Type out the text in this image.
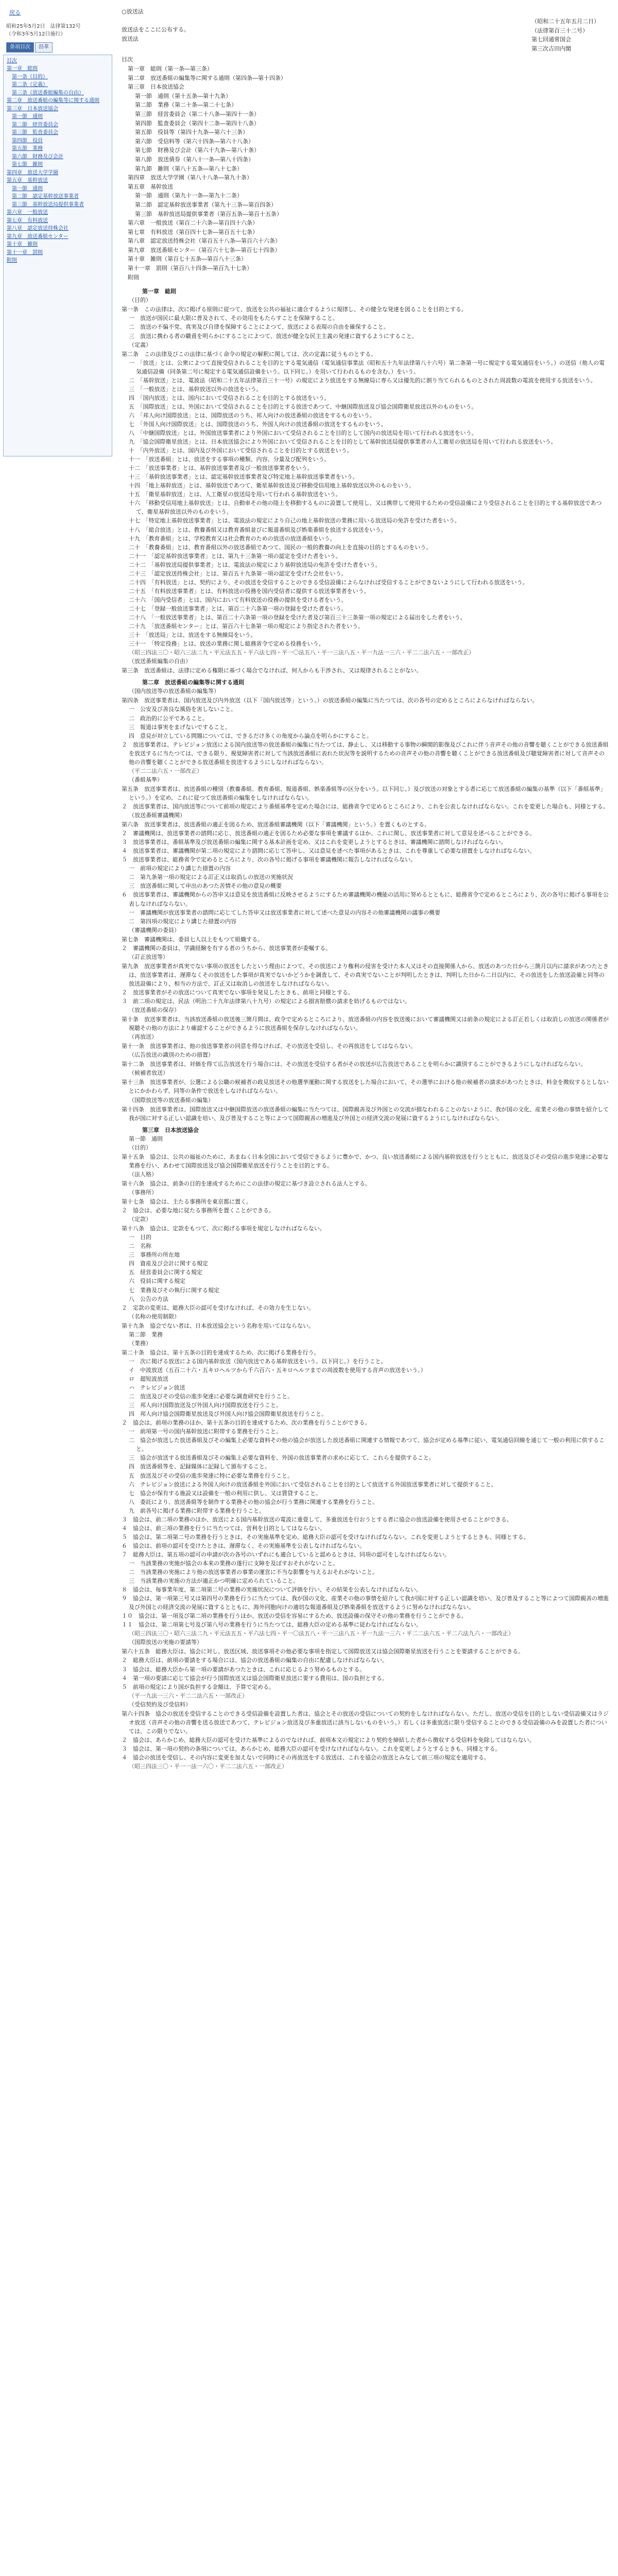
戻る
昭和25年5月2日　法律第132号
（令和3年5月12日施行）
条項目次	沿革
目次
第一章　総則
第一条（目的）
第二条（定義）
第三条（放送番組編集の自由）
第二章　放送番組の編集等に関する通則
第三章　日本放送協会
第一節　通則
第二節　経営委員会
第三節　監査委員会
第四節　役員
第五節　業務
第六節　財務及び会計
第七節　雑則
第四章　放送大学学園
第五章　基幹放送
第一節　通則
第二節　認定基幹放送事業者
第三節　基幹放送局提供事業者
第六章　一般放送
第七章　有料放送
第八章　認定放送持株会社
第九章　放送番組センター
第十章　雑則
第十一章　罰則
附則
○放送法
放送法をここに公布する。
放送法
（昭和二十五年五月二日）
（法律第百三十二号）
第七回通常国会
第三次吉田内閣
目次
第一章　総則（第一条―第三条）
第二章　放送番組の編集等に関する通則（第四条―第十四条）
第三章　日本放送協会
第一節　通則（第十五条―第十九条）
第二節　業務（第二十条―第二十七条）
第三節　経営委員会（第二十八条―第四十一条）
第四節　監査委員会（第四十二条―第四十八条）
第五節　役員等（第四十九条―第六十三条）
第六節　受信料等（第六十四条―第六十八条）
第七節　財務及び会計（第六十九条―第八十条）
第八節　放送債券（第八十一条―第八十四条）
第九節　雑則（第八十五条―第八十七条）
第四章　放送大学学園（第八十八条―第九十条）
第五章　基幹放送
第一節　通則（第九十一条―第九十二条）
第二節　認定基幹放送事業者（第九十三条―第百四条）
第三節　基幹放送局提供事業者（第百五条―第百十五条）
第六章　一般放送（第百二十六条―第百四十六条）
第七章　有料放送（第百四十七条―第百五十七条）
第八章　認定放送持株会社（第百五十八条―第百六十六条）
第九章　放送番組センター（第百六十七条―第百七十四条）
第十章　雑則（第百七十五条―第百八十三条）
第十一章　罰則（第百八十四条―第百九十七条）
附則
第一章　総則
（目的）
第一条　この法律は、次に掲げる原則に従つて、放送を公共の福祉に適合するように規律し、その健全な発達を図ることを目的とする。
一　放送が国民に最大限に普及されて、その効用をもたらすことを保障すること。
二　放送の不偏不党、真実及び自律を保障することによつて、放送による表現の自由を確保すること。
三　放送に携わる者の職責を明らかにすることによつて、放送が健全な民主主義の発達に資するようにすること。
（定義）
第二条　この法律及びこの法律に基づく命令の規定の解釈に関しては、次の定義に従うものとする。
一　「放送」とは、公衆によつて直接受信されることを目的とする電気通信（電気通信事業法（昭和五十九年法律第八十六号）第二条第一号に規定する電気通信をいう。）の送信（他人の電気通信設備（同条第二号に規定する電気通信設備をいう。以下同じ。）を用いて行われるものを含む。）をいう。
二　「基幹放送」とは、電波法（昭和二十五年法律第百三十一号）の規定により放送をする無線局に専ら又は優先的に割り当てられるものとされた周波数の電波を使用する放送をいう。
三　「一般放送」とは、基幹放送以外の放送をいう。
四　「国内放送」とは、国内において受信されることを目的とする放送をいう。
五　「国際放送」とは、外国において受信されることを目的とする放送であつて、中継国際放送及び協会国際衛星放送以外のものをいう。
六　「邦人向け国際放送」とは、国際放送のうち、邦人向けの放送番組の放送をするものをいう。
七　「外国人向け国際放送」とは、国際放送のうち、外国人向けの放送番組の放送をするものをいう。
八　「中継国際放送」とは、外国放送事業者により外国において受信されることを目的として国内の放送局を用いて行われる放送をいう。
九　「協会国際衛星放送」とは、日本放送協会により外国において受信されることを目的として基幹放送局提供事業者の人工衛星の放送局を用いて行われる放送をいう。
十　「内外放送」とは、国内及び外国において受信されることを目的とする放送をいう。
十一　「放送番組」とは、放送をする事項の種類、内容、分量及び配列をいう。
十二　「放送事業者」とは、基幹放送事業者及び一般放送事業者をいう。
十三　「基幹放送事業者」とは、認定基幹放送事業者及び特定地上基幹放送事業者をいう。
十四　「地上基幹放送」とは、基幹放送であつて、衛星基幹放送及び移動受信用地上基幹放送以外のものをいう。
十五　「衛星基幹放送」とは、人工衛星の放送局を用いて行われる基幹放送をいう。
十六　「移動受信用地上基幹放送」とは、自動車その他の陸上を移動するものに設置して使用し、又は携帯して使用するための受信設備により受信されることを目的とする基幹放送であつて、衛星基幹放送以外のものをいう。
十七　「特定地上基幹放送事業者」とは、電波法の規定により自己の地上基幹放送の業務に用いる放送局の免許を受けた者をいう。
十八　「総合放送」とは、教養番組又は教育番組並びに報道番組及び娯楽番組を放送する放送をいう。
十九　「教育番組」とは、学校教育又は社会教育のための放送の放送番組をいう。
二十　「教養番組」とは、教育番組以外の放送番組であつて、国民の一般的教養の向上を直接の目的とするものをいう。
二十一　「認定基幹放送事業者」とは、第九十三条第一項の認定を受けた者をいう。
二十二　「基幹放送局提供事業者」とは、電波法の規定により基幹放送局の免許を受けた者をいう。
二十三　「認定放送持株会社」とは、第百五十九条第一項の認定を受けた会社をいう。
二十四　「有料放送」とは、契約により、その放送を受信することのできる受信設備によらなければ受信することができないようにして行われる放送をいう。
二十五　「有料放送事業者」とは、有料放送の役務を国内受信者に提供する放送事業者をいう。
二十六　「国内受信者」とは、国内において有料放送の役務の提供を受ける者をいう。
二十七　「登録一般放送事業者」とは、第百二十六条第一項の登録を受けた者をいう。
二十八　「一般放送事業者」とは、第百二十六条第一項の登録を受けた者及び第百三十三条第一項の規定による届出をした者をいう。
二十九　「放送番組センター」とは、第百六十七条第一項の規定により指定された者をいう。
三十　「放送局」とは、放送をする無線局をいう。
三十一　「特定役務」とは、放送の業務に関し総務省令で定める役務をいう。
（昭三四法三〇・昭六三法二九・平元法五五・平六法七四・平一〇法五八・平一三法八五・平一九法一三六・平二二法六五・一部改正）
（放送番組編集の自由）
第三条　放送番組は、法律に定める権限に基づく場合でなければ、何人からも干渉され、又は規律されることがない。
第二章　放送番組の編集等に関する通則
（国内放送等の放送番組の編集等）
第四条　放送事業者は、国内放送及び内外放送（以下「国内放送等」という。）の放送番組の編集に当たつては、次の各号の定めるところによらなければならない。
一　公安及び善良な風俗を害しないこと。
二　政治的に公平であること。
三　報道は事実をまげないですること。
四　意見が対立している問題については、できるだけ多くの角度から論点を明らかにすること。
２　放送事業者は、テレビジョン放送による国内放送等の放送番組の編集に当たつては、静止し、又は移動する事物の瞬間的影像及びこれに伴う音声その他の音響を聴くことができる放送番組を放送するに当たつては、できる限り、視覚障害者に対して当該放送番組に表れた状況等を説明するための音声その他の音響を聴くことができる放送番組及び聴覚障害者に対して音声その他の音響を聴くことができる放送番組を放送するようにしなければならない。
（平二二法六五・一部改正）
（番組基準）
第五条　放送事業者は、放送番組の種別（教養番組、教育番組、報道番組、娯楽番組等の区分をいう。以下同じ。）及び放送の対象とする者に応じて放送番組の編集の基準（以下「番組基準」という。）を定め、これに従つて放送番組の編集をしなければならない。
２　放送事業者は、国内放送等について前項の規定により番組基準を定めた場合には、総務省令で定めるところにより、これを公表しなければならない。これを変更した場合も、同様とする。
（放送番組審議機関）
第六条　放送事業者は、放送番組の適正を図るため、放送番組審議機関（以下「審議機関」という。）を置くものとする。
２　審議機関は、放送事業者の諮問に応じ、放送番組の適正を図るため必要な事項を審議するほか、これに関し、放送事業者に対して意見を述べることができる。
３　放送事業者は、番組基準及び放送番組の編集に関する基本計画を定め、又はこれを変更しようとするときは、審議機関に諮問しなければならない。
４　放送事業者は、審議機関が第二項の規定により諮問に応じて答申し、又は意見を述べた事項があるときは、これを尊重して必要な措置をしなければならない。
５　放送事業者は、総務省令で定めるところにより、次の各号に掲げる事項を審議機関に報告しなければならない。
一　前項の規定により講じた措置の内容
二　第九条第一項の規定による訂正又は取消しの放送の実施状況
三　放送番組に関して申出のあつた苦情その他の意見の概要
６　放送事業者は、審議機関からの答申又は意見を放送番組に反映させるようにするため審議機関の機能の活用に努めるとともに、総務省令で定めるところにより、次の各号に掲げる事項を公表しなければならない。
一　審議機関が放送事業者の諮問に応じてした答申又は放送事業者に対して述べた意見の内容その他審議機関の議事の概要
二　第四項の規定により講じた措置の内容
（審議機関の委員）
第七条　審議機関は、委員七人以上をもつて組織する。
２　審議機関の委員は、学識経験を有する者のうちから、放送事業者が委嘱する。
（訂正放送等）
第九条　放送事業者が真実でない事項の放送をしたという理由によつて、その放送により権利の侵害を受けた本人又はその直接関係人から、放送のあつた日から三箇月以内に請求があつたときは、放送事業者は、遅滞なくその放送をした事項が真実でないかどうかを調査して、その真実でないことが判明したときは、判明した日から二日以内に、その放送をした放送設備と同等の放送設備により、相当の方法で、訂正又は取消しの放送をしなければならない。
２　放送事業者がその放送について真実でない事項を発見したときも、前項と同様とする。
３　前二項の規定は、民法（明治二十九年法律第八十九号）の規定による損害賠償の請求を妨げるものではない。
（放送番組の保存）
第十条　放送事業者は、当該放送番組の放送後三箇月間は、政令で定めるところにより、放送番組の内容を放送後において審議機関又は前条の規定による訂正若しくは取消しの放送の関係者が視聴その他の方法により確認することができるように放送番組を保存しなければならない。
（再放送）
第十一条　放送事業者は、他の放送事業者の同意を得なければ、その放送を受信し、その再放送をしてはならない。
（広告放送の識別のための措置）
第十二条　放送事業者は、対価を得て広告放送を行う場合には、その放送を受信する者がその放送が広告放送であることを明らかに識別することができるようにしなければならない。
（候補者放送）
第十三条　放送事業者が、公選による公職の候補者の政見放送その他選挙運動に関する放送をした場合において、その選挙における他の候補者の請求があつたときは、料金を徴収するとしないとにかかわらず、同等の条件で放送をしなければならない。
（国際放送等の放送番組の編集）
第十四条　放送事業者は、国際放送又は中継国際放送の放送番組の編集に当たつては、国際親善及び外国との交流が損なわれることのないように、我が国の文化、産業その他の事情を紹介して我が国に対する正しい認識を培い、及び普及すること等によつて国際親善の増進及び外国との経済交流の発展に資するようにしなければならない。
第三章　日本放送協会
第一節　通則
（目的）
第十五条　協会は、公共の福祉のために、あまねく日本全国において受信できるように豊かで、かつ、良い放送番組による国内基幹放送を行うとともに、放送及びその受信の進歩発達に必要な業務を行い、あわせて国際放送及び協会国際衛星放送を行うことを目的とする。
（法人格）
第十六条　協会は、前条の目的を達成するためにこの法律の規定に基づき設立される法人とする。
（事務所）
第十七条　協会は、主たる事務所を東京都に置く。
２　協会は、必要な地に従たる事務所を置くことができる。
（定款）
第十八条　協会は、定款をもつて、次に掲げる事項を規定しなければならない。
一　目的
二　名称
三　事務所の所在地
四　資産及び会計に関する規定
五　経営委員会に関する規定
六　役員に関する規定
七　業務及びその執行に関する規定
八　公告の方法
２　定款の変更は、総務大臣の認可を受けなければ、その効力を生じない。
（名称の使用制限）
第十九条　協会でない者は、日本放送協会という名称を用いてはならない。
第二節　業務
（業務）
第二十条　協会は、第十五条の目的を達成するため、次に掲げる業務を行う。
一　次に掲げる放送による国内基幹放送（国内放送である基幹放送をいう。以下同じ。）を行うこと。
イ　中波放送（五百二十六・五キロヘルツから千六百六・五キロヘルツまでの周波数を使用する音声の放送をいう。）
ロ　超短波放送
ハ　テレビジョン放送
二　放送及びその受信の進歩発達に必要な調査研究を行うこと。
三　邦人向け国際放送及び外国人向け国際放送を行うこと。
四　邦人向け協会国際衛星放送及び外国人向け協会国際衛星放送を行うこと。
２　協会は、前項の業務のほか、第十五条の目的を達成するため、次の業務を行うことができる。
一　前項第一号の国内基幹放送に附帯する業務を行うこと。
二　協会が放送した放送番組及びその編集上必要な資料その他の協会が放送した放送番組に関連する情報であつて、協会が定める基準に従い、電気通信回線を通じて一般の利用に供すること。
三　協会が放送する放送番組及びその編集上必要な資料を、外国の放送事業者の求めに応じて、これらを提供すること。
四　放送番組等を、記録媒体に記録して頒布すること。
五　放送及びその受信の進歩発達に特に必要な業務を行うこと。
六　テレビジョン放送による外国人向けの放送番組を外国において受信されることを目的として放送する外国放送事業者に対して提供すること。
七　協会が保有する施設又は設備を一般の利用に供し、又は賃貸すること。
八　委託により、放送番組等を制作する業務その他の協会が行う業務に関連する業務を行うこと。
九　前各号に掲げる業務に附帯する業務を行うこと。
３　協会は、前二項の業務のほか、放送による国内基幹放送の電波に重畳して、多重放送を行おうとする者に協会の放送設備を使用させることができる。
４　協会は、前三項の業務を行うに当たつては、営利を目的としてはならない。
５　協会は、第二項第二号の業務を行うときは、その実施基準を定め、総務大臣の認可を受けなければならない。これを変更しようとするときも、同様とする。
６　協会は、前項の認可を受けたときは、遅滞なく、その実施基準を公表しなければならない。
７　総務大臣は、第五項の認可の申請が次の各号のいずれにも適合していると認めるときは、同項の認可をしなければならない。
一　当該業務の実施が協会の本来の業務の遂行に支障を及ぼすおそれがないこと。
二　当該業務の実施により他の放送事業者の事業の運営に不当な影響を与えるおそれがないこと。
三　当該業務の実施の方法が適正かつ明確に定められていること。
８　協会は、毎事業年度、第二項第二号の業務の実施状況について評価を行い、その結果を公表しなければならない。
９　協会は、第一項第三号又は第四号の業務を行うに当たつては、我が国の文化、産業その他の事情を紹介して我が国に対する正しい認識を培い、及び普及すること等によつて国際親善の増進及び外国との経済交流の発展に資するとともに、海外同胞向けの適切な報道番組及び娯楽番組を放送するように努めなければならない。
１０　協会は、第一項及び第二項の業務を行うほか、放送の受信を容易にするため、放送設備の保守その他の業務を行うことができる。
１１　協会は、第二項第七号及び第八号の業務を行うに当たつては、総務大臣の定める基準に従わなければならない。
（昭三四法三〇・昭六三法二九・平元法五五・平六法七四・平一〇法五八・平一三法八五・平一九法一三六・平二二法六五・平二六法九六・一部改正）
（国際放送の実施の要請等）
第六十五条　総務大臣は、協会に対し、放送区域、放送事項その他必要な事項を指定して国際放送又は協会国際衛星放送を行うことを要請することができる。
２　総務大臣は、前項の要請をする場合には、協会の放送番組の編集の自由に配慮しなければならない。
３　協会は、総務大臣から第一項の要請があつたときは、これに応じるよう努めるものとする。
４　第一項の要請に応じて協会が行う国際放送又は協会国際衛星放送に要する費用は、国の負担とする。
５　前項の規定により国が負担する金額は、予算で定める。
（平一九法一三六・平二二法六五・一部改正）
（受信契約及び受信料）
第六十四条　協会の放送を受信することのできる受信設備を設置した者は、協会とその放送の受信についての契約をしなければならない。ただし、放送の受信を目的としない受信設備又はラジオ放送（音声その他の音響を送る放送であつて、テレビジョン放送及び多重放送に該当しないものをいう。）若しくは多重放送に限り受信することのできる受信設備のみを設置した者については、この限りでない。
２　協会は、あらかじめ、総務大臣の認可を受けた基準によるのでなければ、前項本文の規定により契約を締結した者から徴収する受信料を免除してはならない。
３　協会は、第一項の契約の条項については、あらかじめ、総務大臣の認可を受けなければならない。これを変更しようとするときも、同様とする。
４　協会の放送を受信し、その内容に変更を加えないで同時にその再放送をする放送は、これを協会の放送とみなして前三項の規定を適用する。
（昭三四法三〇・平一一法一六〇・平二二法六五・一部改正）
